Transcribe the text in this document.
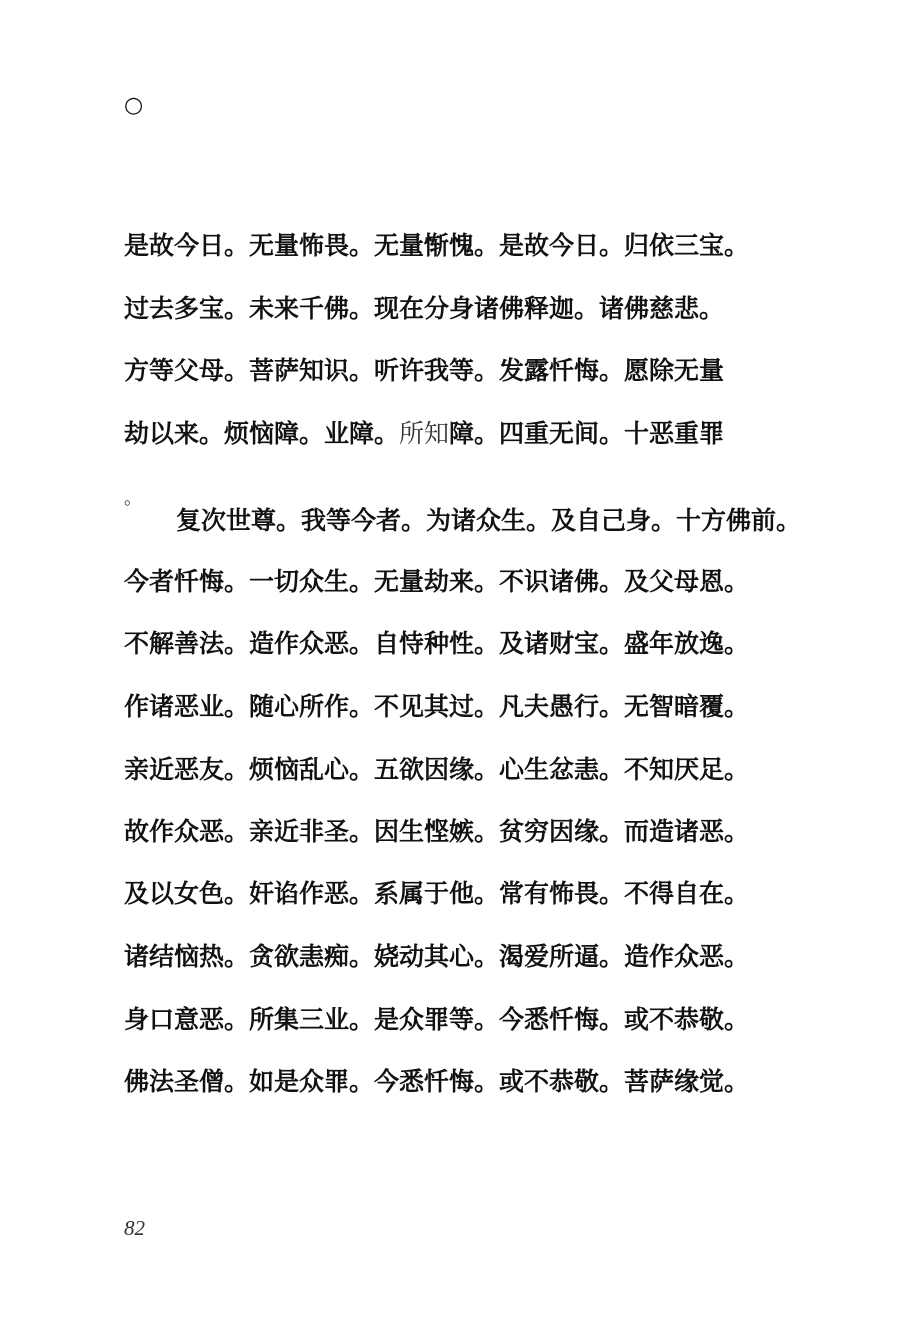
○
是故今日。无量怖畏。无量惭愧。是故今日。归依三宝。
过去多宝。未来千佛。现在分身诸佛释迦。诸佛慈悲。
方等父母。菩萨知识。听许我等。发露忏悔。愿除无量
劫以来。烦恼障。业障。所知障。四重无间。十恶重罪
。
复次世尊。我等今者。为诸众生。及自己身。十方佛前。
今者忏悔。一切众生。无量劫来。不识诸佛。及父母恩。
不解善法。造作众恶。自恃种性。及诸财宝。盛年放逸。
作诸恶业。随心所作。不见其过。凡夫愚行。无智暗覆。
亲近恶友。烦恼乱心。五欲因缘。心生忿恚。不知厌足。
故作众恶。亲近非圣。因生悭嫉。贫穷因缘。而造诸恶。
及以女色。奸谄作恶。系属于他。常有怖畏。不得自在。
诸结恼热。贪欲恚痴。娆动其心。渴爱所逼。造作众恶。
身口意恶。所集三业。是众罪等。今悉忏悔。或不恭敬。
佛法圣僧。如是众罪。今悉忏悔。或不恭敬。菩萨缘觉。
82
